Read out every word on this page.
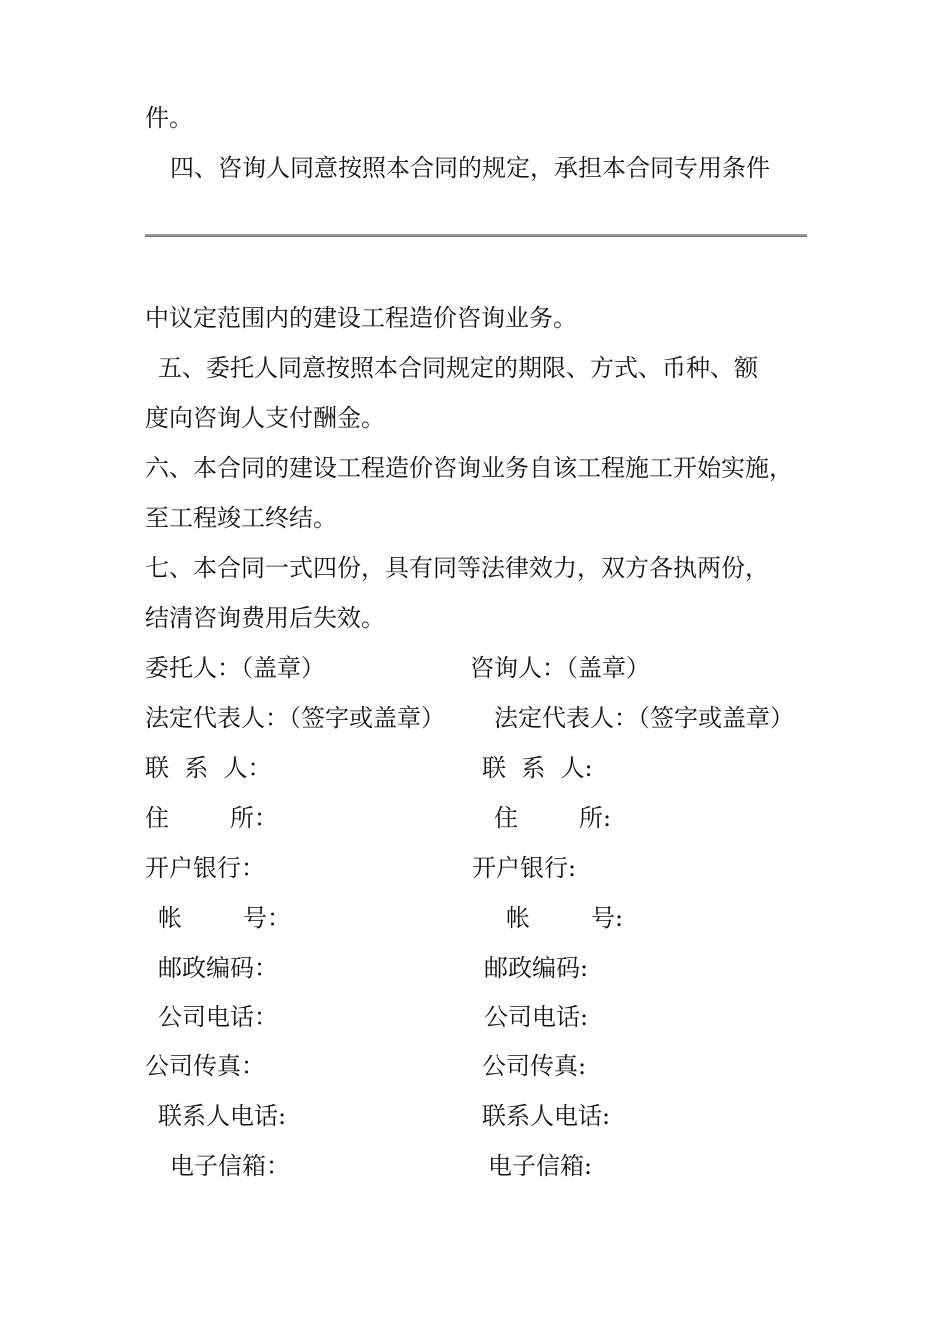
件。
四、咨询人同意按照本合同的规定，承担本合同专用条件
中议定范围内的建设工程造价咨询业务。
五、委托人同意按照本合同规定的期限、方式、币种、额
度向咨询人支付酬金。
六、本合同的建设工程造价咨询业务自该工程施工开始实施，
至工程竣工终结。
七、本合同一式四份，具有同等法律效力，双方各执两份，
结清咨询费用后失效。
委托人：（盖章）	咨询人：（盖章）
法定代表人：（签字或盖章） 法定代表人：（签字或盖章）
联  系  人：	联  系  人:
住        所：	住        所:
开户银行：	开户银行:
帐        号：	帐        号:
邮政编码：	邮政编码:
公司电话：	公司电话:
公司传真：	公司传真:
联系人电话:	联系人电话:
电子信箱：	电子信箱:
